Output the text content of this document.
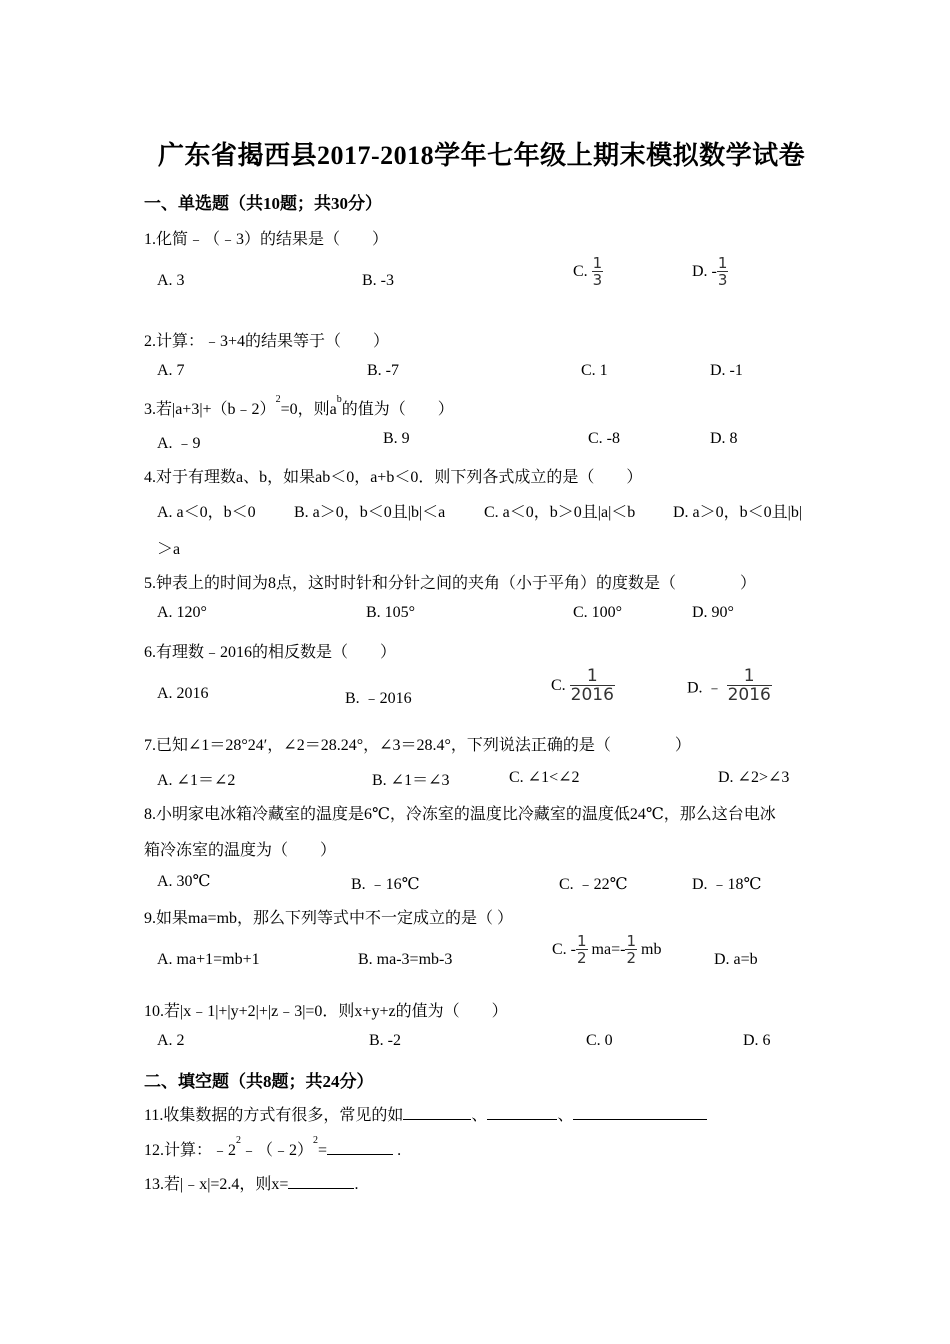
广东省揭西县2017-2018学年七年级上期末模拟数学试卷
一、单选题（共10题；共30分）
1.化简﹣（﹣3）的结果是（　　）
A. 3	B. -3
C. $\frac{1}{3}$	D. - $\frac{1}{3}$
2.计算：﹣3+4的结果等于（　　）
A. 7	B. -7	C. 1	D. -1
3.若|a+3|+（b﹣2）$^2$=0，则$a^b$的值为（　　）
A. ﹣9	B. 9	C. -8	D. 8
4.对于有理数a、b，如果ab＜0，a+b＜0．则下列各式成立的是（　　）
A. a＜0，b＜0 B. a＞0，b＜0且|b|＜a C. a＜0，b＞0且|a|＜b D. a＞0，b＜0且|b|
＞a
5.钟表上的时间为8点，这时时针和分针之间的夹角（小于平角）的度数是（　　　　）
A. 120°	B. 105°	C. 100°	D. 90°
6.有理数﹣2016的相反数是（　　）
A. 2016	B. ﹣2016
C. $\frac{1}{2016}$	D. ﹣ $\frac{1}{2016}$
7.已知∠1＝28°24′，∠2＝28.24°，∠3＝28.4°，下列说法正确的是（　　　　）
A. ∠1＝∠2	B. ∠1＝∠3	C. ∠1<∠2	D. ∠2>∠3
8.小明家电冰箱冷藏室的温度是6℃，冷冻室的温度比冷藏室的温度低24℃，那么这台电冰
箱冷冻室的温度为（　　）
A. 30℃	B. ﹣16℃	C. ﹣22℃	D. ﹣18℃
9.如果ma=mb，那么下列等式中不一定成立的是（ ）
A. ma+1=mb+1	B. ma-3=mb-3
C. - $\frac{1}{2} ma=- \frac{1}{2}$ mb
D. a=b
10.若|x﹣1|+|y+2|+|z﹣3|=0．则x+y+z的值为（　　）
A. 2	B. -2	C. 0	D. 6
二、填空题（共8题；共24分）
11.收集数据的方式有很多，常见的如	、	、
12.计算：$﹣2^2﹣(﹣2)^2=$	.
13.若|﹣x|=2.4，则x=	.
